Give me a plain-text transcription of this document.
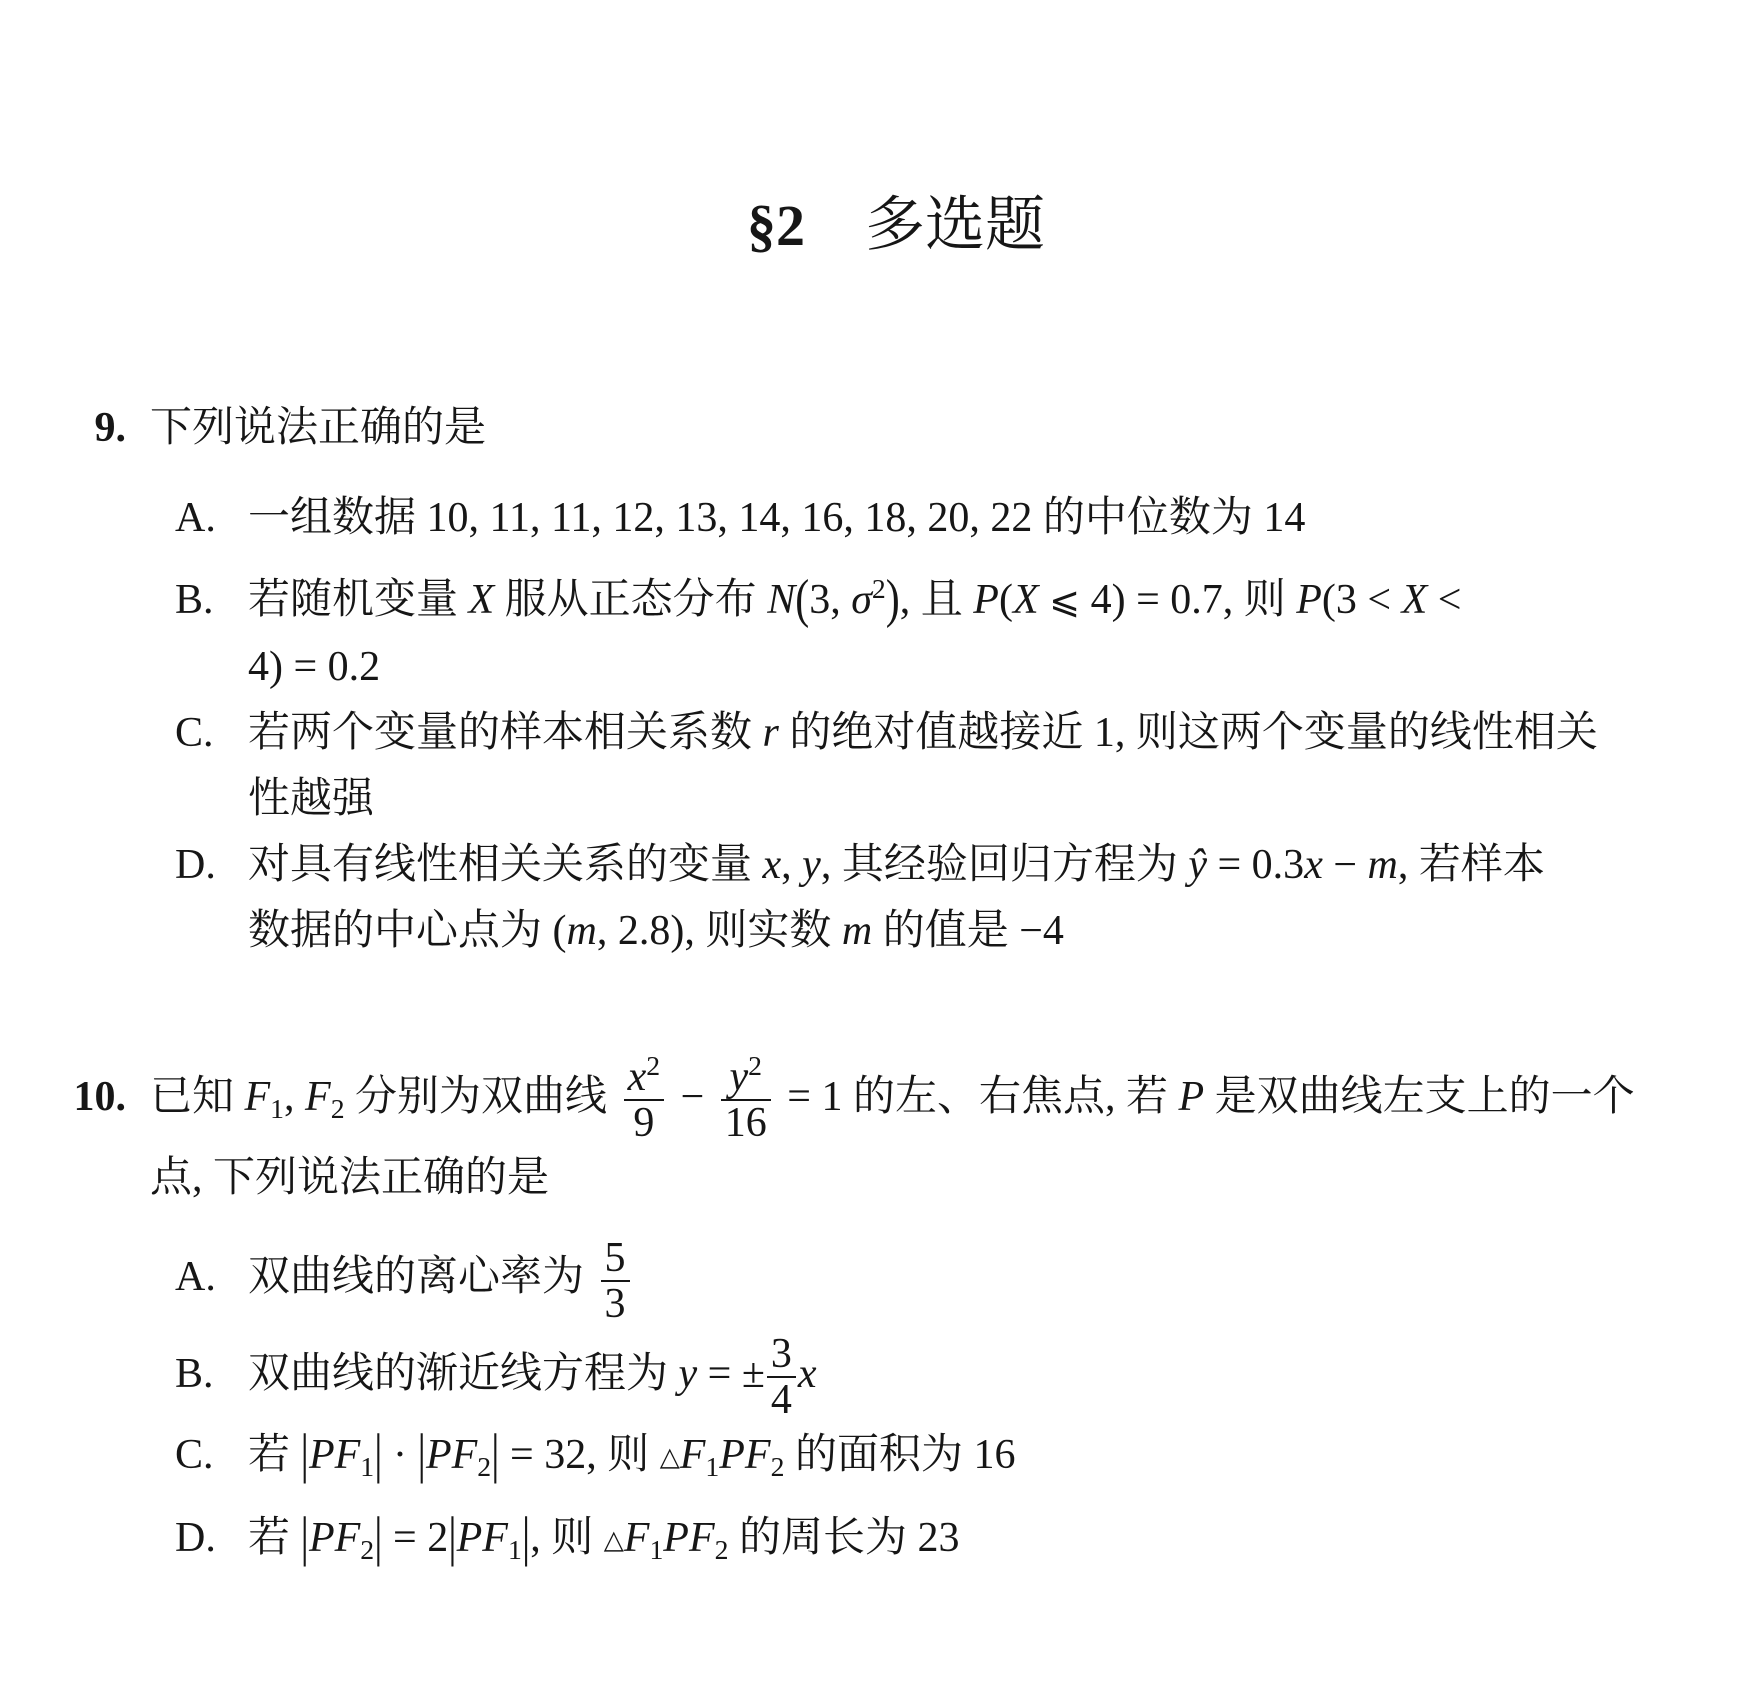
§2 多选题
9. 下列说法正确的是
A. 一组数据 10, 11, 11, 12, 13, 14, 16, 18, 20, 22 的中位数为 14
B. 若随机变量 X 服从正态分布 N(3, $\sigma^2$), 且 P(X ⩽ 4) = 0.7, 则 P(3 < X <
4) = 0.2
C. 若两个变量的样本相关系数 r 的绝对值越接近 1, 则这两个变量的线性相关
性越强
D. 对具有线性相关关系的变量 x, y, 其经验回归方程为 ŷ = 0.3x − m, 若样本
数据的中心点为 (m, 2.8), 则实数 m 的值是 −4
10. 已知 $F_1$, $F_2$ 分别为双曲线 $\frac{x^2}{9} - \frac{y^2}{16} = 1$ 的左、右焦点, 若 P 是双曲线左支上的一个
点, 下列说法正确的是
A. 双曲线的离心率为 $\frac{5}{3}$
B. 双曲线的渐近线方程为 y = ± $\frac{3}{4}$ x
C. 若 $|PF_1| \cdot |PF_2| = 32$, 则 $\triangle F_1PF_2$ 的面积为 16
D. 若 $|PF_2| = 2|PF_1|$, 则 $\triangle F_1PF_2$ 的周长为 23
